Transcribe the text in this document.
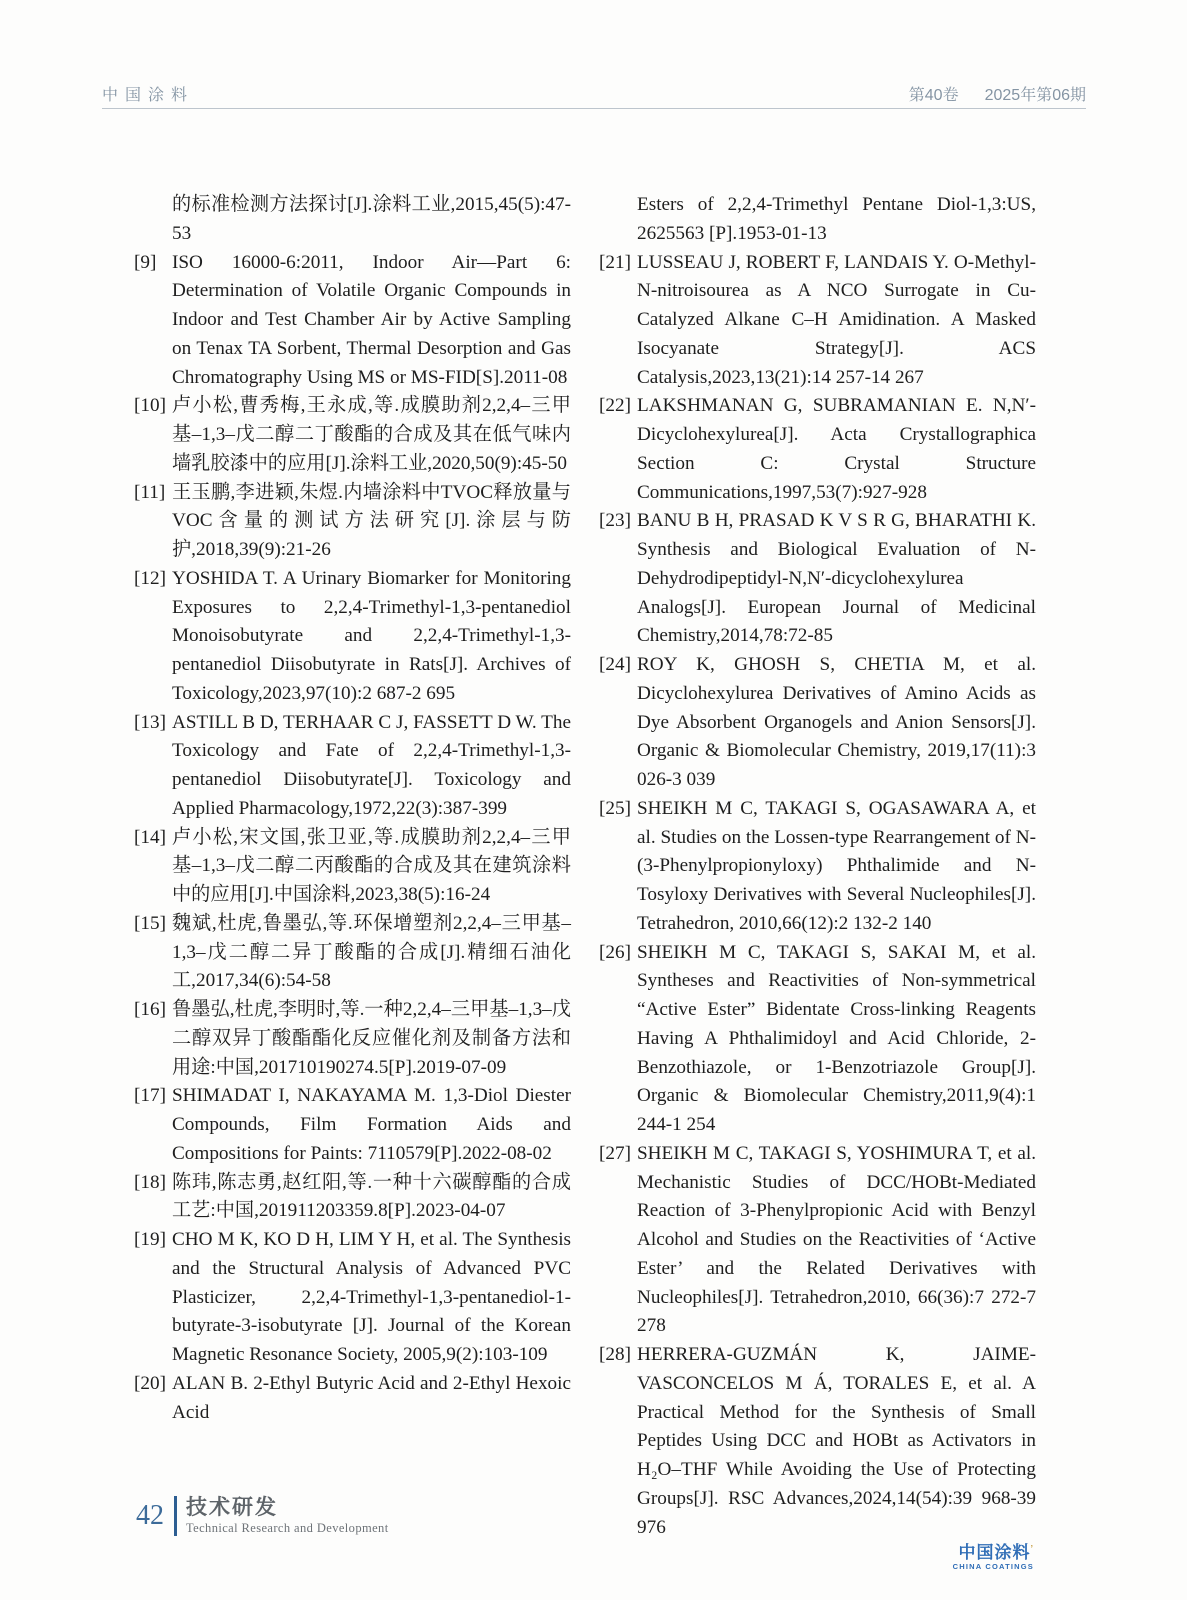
中国涂料	第40卷 2025年第06期
的标准检测方法探讨[J].涂料工业,2015,45(5):47-53
[9] ISO 16000-6:2011, Indoor Air—Part 6: Determination of Volatile Organic Compounds in Indoor and Test Chamber Air by Active Sampling on Tenax TA Sorbent, Thermal Desorption and Gas Chromatography Using MS or MS-FID[S].2011-08
[10] 卢小松,曹秀梅,王永成,等.成膜助剂2,2,4–三甲基–1,3–戊二醇二丁酸酯的合成及其在低气味内墙乳胶漆中的应用[J].涂料工业,2020,50(9):45-50
[11] 王玉鹏,李进颖,朱煜.内墙涂料中TVOC释放量与VOC含量的测试方法研究[J].涂层与防护,2018,39(9):21-26
[12] YOSHIDA T. A Urinary Biomarker for Monitoring Exposures to 2,2,4-Trimethyl-1,3-pentanediol Monoisobutyrate and 2,2,4-Trimethyl-1,3-pentanediol Diisobutyrate in Rats[J]. Archives of Toxicology,2023,97(10):2 687-2 695
[13] ASTILL B D, TERHAAR C J, FASSETT D W. The Toxicology and Fate of 2,2,4-Trimethyl-1,3-pentanediol Diisobutyrate[J]. Toxicology and Applied Pharmacology,1972,22(3):387-399
[14] 卢小松,宋文国,张卫亚,等.成膜助剂2,2,4–三甲基–1,3–戊二醇二丙酸酯的合成及其在建筑涂料中的应用[J].中国涂料,2023,38(5):16-24
[15] 魏斌,杜虎,鲁墨弘,等.环保增塑剂2,2,4–三甲基–1,3–戊二醇二异丁酸酯的合成[J].精细石油化工,2017,34(6):54-58
[16] 鲁墨弘,杜虎,李明时,等.一种2,2,4–三甲基–1,3–戊二醇双异丁酸酯酯化反应催化剂及制备方法和用途:中国,201710190274.5[P].2019-07-09
[17] SHIMADAT I, NAKAYAMA M. 1,3-Diol Diester Compounds, Film Formation Aids and Compositions for Paints: 7110579[P].2022-08-02
[18] 陈玮,陈志勇,赵红阳,等.一种十六碳醇酯的合成工艺:中国,201911203359.8[P].2023-04-07
[19] CHO M K, KO D H, LIM Y H, et al. The Synthesis and the Structural Analysis of Advanced PVC Plasticizer, 2,2,4-Trimethyl-1,3-pentanediol-1-butyrate-3-isobutyrate [J]. Journal of the Korean Magnetic Resonance Society, 2005,9(2):103-109
[20] ALAN B. 2-Ethyl Butyric Acid and 2-Ethyl Hexoic Acid
Esters of 2,2,4-Trimethyl Pentane Diol-1,3:US, 2625563 [P].1953-01-13
[21] LUSSEAU J, ROBERT F, LANDAIS Y. O-Methyl-N-nitroisourea as A NCO Surrogate in Cu-Catalyzed Alkane C–H Amidination. A Masked Isocyanate Strategy[J]. ACS Catalysis,2023,13(21):14 257-14 267
[22] LAKSHMANAN G, SUBRAMANIAN E. N,N′-Dicyclohexylurea[J]. Acta Crystallographica Section C: Crystal Structure Communications,1997,53(7):927-928
[23] BANU B H, PRASAD K V S R G, BHARATHI K. Synthesis and Biological Evaluation of N-Dehydrodipeptidyl-N,N′-dicyclohexylurea Analogs[J]. European Journal of Medicinal Chemistry,2014,78:72-85
[24] ROY K, GHOSH S, CHETIA M, et al. Dicyclohexylurea Derivatives of Amino Acids as Dye Absorbent Organogels and Anion Sensors[J]. Organic & Biomolecular Chemistry, 2019,17(11):3 026-3 039
[25] SHEIKH M C, TAKAGI S, OGASAWARA A, et al. Studies on the Lossen-type Rearrangement of N-(3-Phenylpropionyloxy) Phthalimide and N-Tosyloxy Derivatives with Several Nucleophiles[J]. Tetrahedron, 2010,66(12):2 132-2 140
[26] SHEIKH M C, TAKAGI S, SAKAI M, et al. Syntheses and Reactivities of Non-symmetrical “Active Ester” Bidentate Cross-linking Reagents Having A Phthalimidoyl and Acid Chloride, 2-Benzothiazole, or 1-Benzotriazole Group[J]. Organic & Biomolecular Chemistry,2011,9(4):1 244-1 254
[27] SHEIKH M C, TAKAGI S, YOSHIMURA T, et al. Mechanistic Studies of DCC/HOBt-Mediated Reaction of 3-Phenylpropionic Acid with Benzyl Alcohol and Studies on the Reactivities of ‘Active Ester’ and the Related Derivatives with Nucleophiles[J]. Tetrahedron,2010, 66(36):7 272-7 278
[28] HERRERA-GUZMÁN K, JAIME-VASCONCELOS M Á, TORALES E, et al. A Practical Method for the Synthesis of Small Peptides Using DCC and HOBt as Activators in H₂O–THF While Avoiding the Use of Protecting Groups[J]. RSC Advances,2024,14(54):39 968-39 976
中国涂料’
CHINA COATINGS
42 技术研发
Technical Research and Development
